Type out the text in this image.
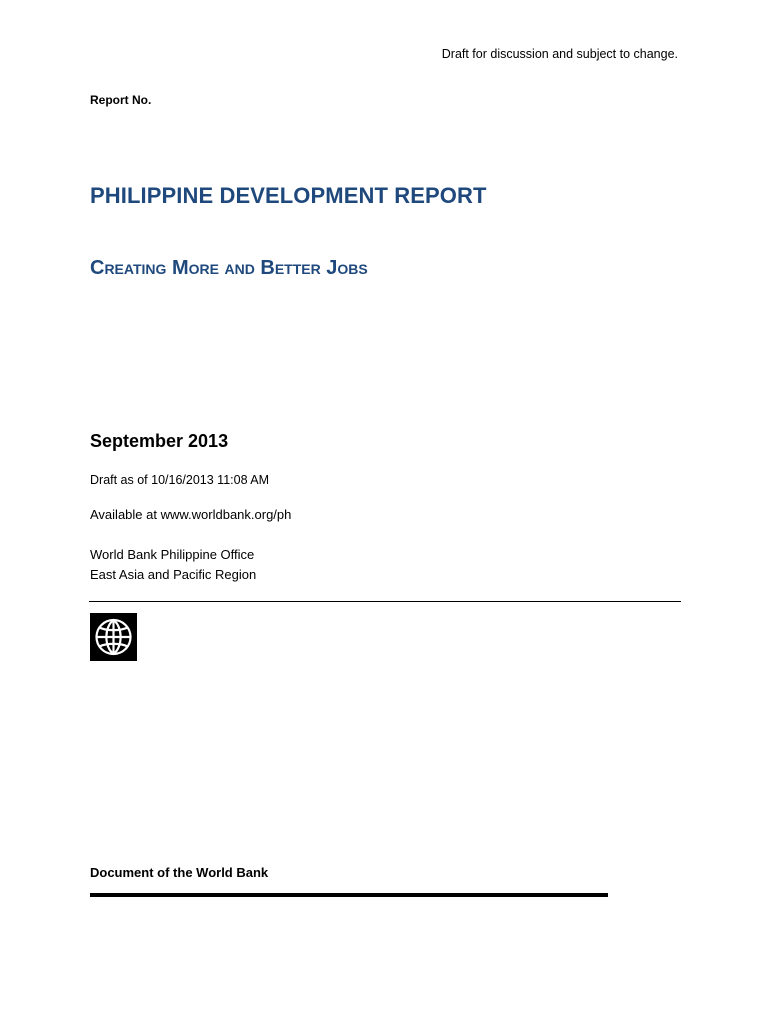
Draft for discussion and subject to change.
Report No.
PHILIPPINE DEVELOPMENT REPORT
Creating More and Better Jobs
September 2013
Draft as of 10/16/2013 11:08 AM
Available at www.worldbank.org/ph
World Bank Philippine Office
East Asia and Pacific Region
Document of the World Bank
